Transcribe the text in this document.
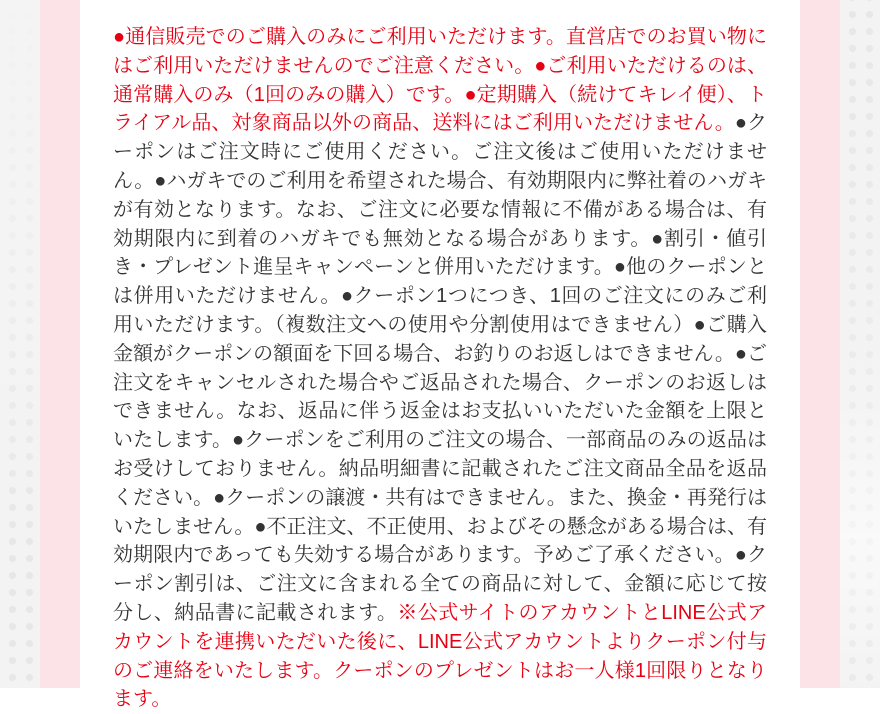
●通信販売でのご購入のみにご利用いただけます。直営店でのお買い物にはご利用いただけませんのでご注意ください。●ご利用いただけるのは、通常購入のみ（1回のみの購入）です。●定期購入（続けてキレイ便）、トライアル品、対象商品以外の商品、送料にはご利用いただけません。●クーポンはご注文時にご使用ください。ご注文後はご使用いただけません。●ハガキでのご利用を希望された場合、有効期限内に弊社着のハガキが有効となります。なお、ご注文に必要な情報に不備がある場合は、有効期限内に到着のハガキでも無効となる場合があります。●割引・値引き・プレゼント進呈キャンペーンと併用いただけます。●他のクーポンとは併用いただけません。●クーポン1つにつき、1回のご注文にのみご利用いただけます。（複数注文への使用や分割使用はできません）●ご購入金額がクーポンの額面を下回る場合、お釣りのお返しはできません。●ご注文をキャンセルされた場合やご返品された場合、クーポンのお返しはできません。なお、返品に伴う返金はお支払いいただいた金額を上限といたします。●クーポンをご利用のご注文の場合、一部商品のみの返品はお受けしておりません。納品明細書に記載されたご注文商品全品を返品ください。●クーポンの譲渡・共有はできません。また、換金・再発行はいたしません。●不正注文、不正使用、およびその懸念がある場合は、有効期限内であっても失効する場合があります。予めご了承ください。●クーポン割引は、ご注文に含まれる全ての商品に対して、金額に応じて按分し、納品書に記載されます。※公式サイトのアカウントとLINE公式アカウントを連携いただいた後に、LINE公式アカウントよりクーポン付与のご連絡をいたします。クーポンのプレゼントはお一人様1回限りとなります。
